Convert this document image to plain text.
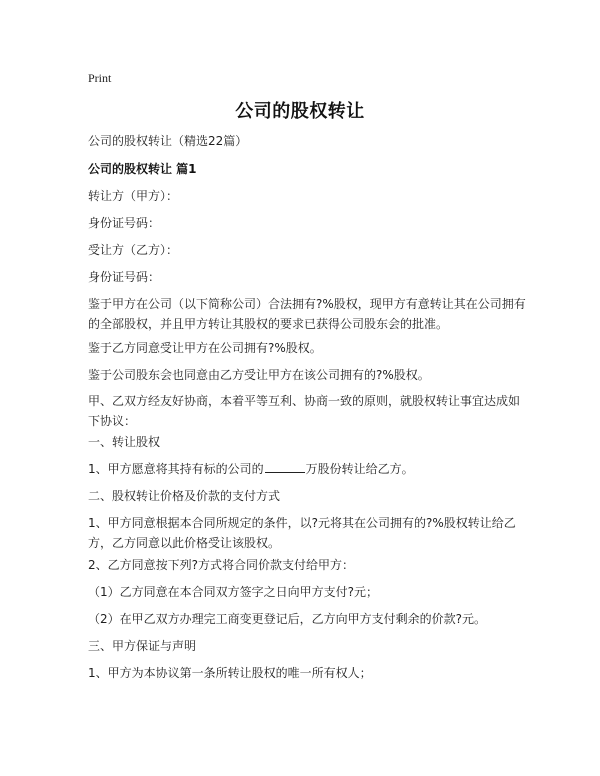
Print
公司的股权转让
公司的股权转让（精选22篇）
公司的股权转让 篇1
转让方（甲方）：
身份证号码：
受让方（乙方）：
身份证号码：
鉴于甲方在公司（以下简称公司）合法拥有?%股权，现甲方有意转让其在公司拥有的全部股权，并且甲方转让其股权的要求已获得公司股东会的批准。
鉴于乙方同意受让甲方在公司拥有?%股权。
鉴于公司股东会也同意由乙方受让甲方在该公司拥有的?%股权。
甲、乙双方经友好协商，本着平等互利、协商一致的原则，就股权转让事宜达成如下协议：
一、转让股权
1、甲方愿意将其持有标的公司的	万股份转让给乙方。
二、股权转让价格及价款的支付方式
1、甲方同意根据本合同所规定的条件，以?元将其在公司拥有的?%股权转让给乙方，乙方同意以此价格受让该股权。
2、乙方同意按下列?方式将合同价款支付给甲方：
（1）乙方同意在本合同双方签字之日向甲方支付?元；
（2）在甲乙双方办理完工商变更登记后，乙方向甲方支付剩余的价款?元。
三、甲方保证与声明
1、甲方为本协议第一条所转让股权的唯一所有权人；
